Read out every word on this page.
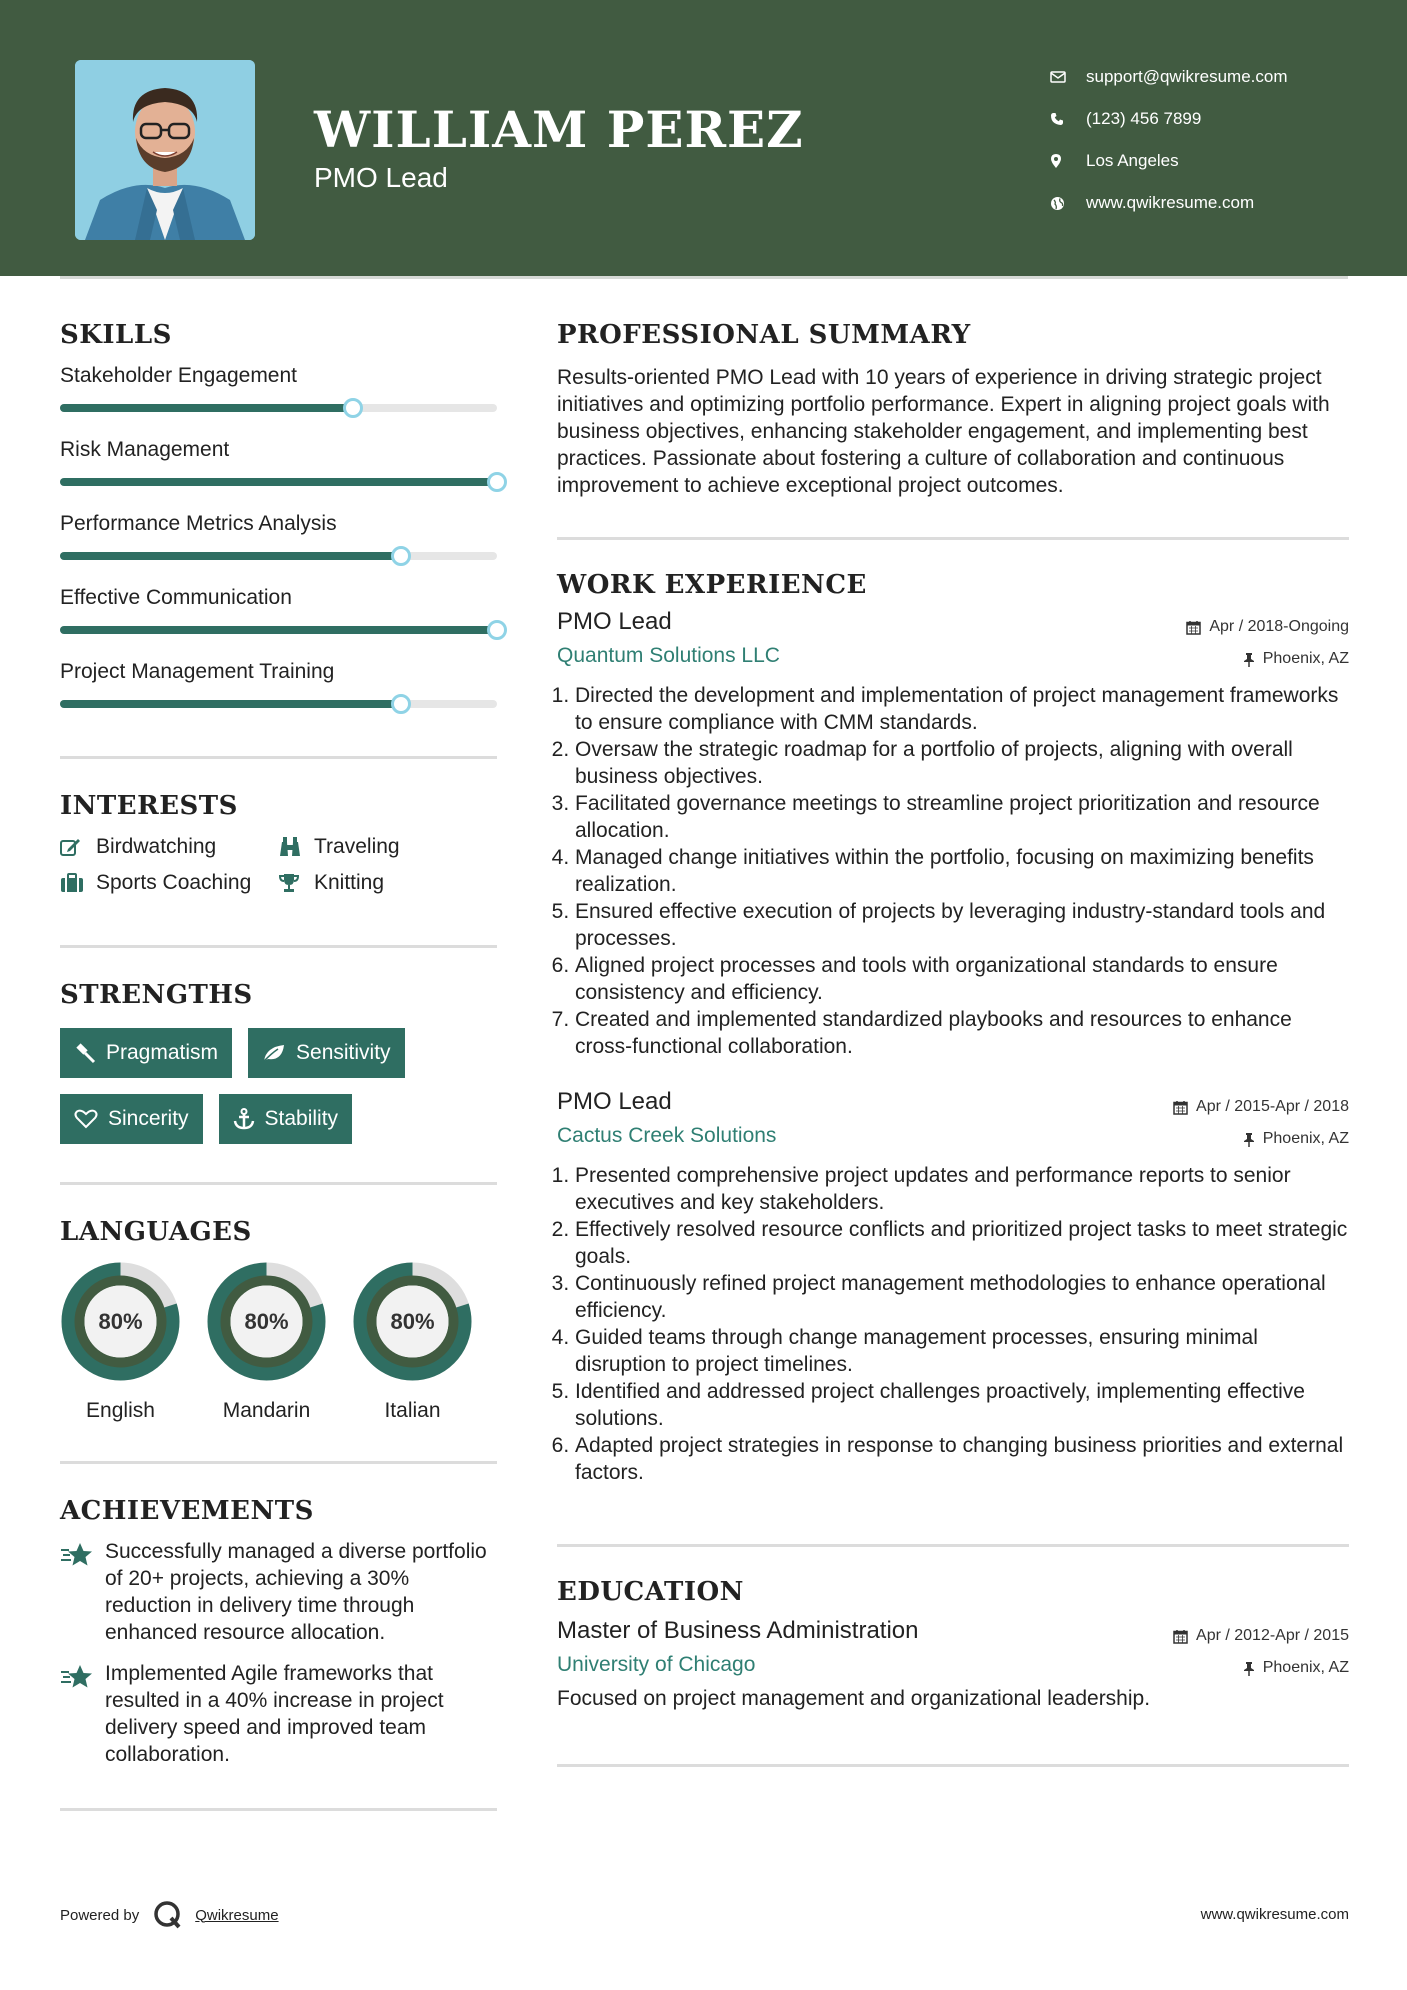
WILLIAM PEREZ
PMO Lead
support@qwikresume.com
(123) 456 7899
Los Angeles
www.qwikresume.com
SKILLS
Stakeholder Engagement
Risk Management
Performance Metrics Analysis
Effective Communication
Project Management Training
INTERESTS
Birdwatching	Traveling
Sports Coaching	Knitting
STRENGTHS
Pragmatism	Sensitivity
Sincerity	Stability
LANGUAGES
80%
English
80%
Mandarin
80%
Italian
ACHIEVEMENTS
Successfully managed a diverse portfolio of 20+ projects, achieving a 30% reduction in delivery time through enhanced resource allocation.
Implemented Agile frameworks that resulted in a 40% increase in project delivery speed and improved team collaboration.
PROFESSIONAL SUMMARY
Results-oriented PMO Lead with 10 years of experience in driving strategic project initiatives and optimizing portfolio performance. Expert in aligning project goals with business objectives, enhancing stakeholder engagement, and implementing best practices. Passionate about fostering a culture of collaboration and continuous improvement to achieve exceptional project outcomes.
WORK EXPERIENCE
PMO Lead	Apr / 2018-Ongoing
Quantum Solutions LLC	Phoenix, AZ
1. Directed the development and implementation of project management frameworks to ensure compliance with CMM standards.
2. Oversaw the strategic roadmap for a portfolio of projects, aligning with overall business objectives.
3. Facilitated governance meetings to streamline project prioritization and resource allocation.
4. Managed change initiatives within the portfolio, focusing on maximizing benefits realization.
5. Ensured effective execution of projects by leveraging industry-standard tools and processes.
6. Aligned project processes and tools with organizational standards to ensure consistency and efficiency.
7. Created and implemented standardized playbooks and resources to enhance cross-functional collaboration.
PMO Lead	Apr / 2015-Apr / 2018
Cactus Creek Solutions	Phoenix, AZ
1. Presented comprehensive project updates and performance reports to senior executives and key stakeholders.
2. Effectively resolved resource conflicts and prioritized project tasks to meet strategic goals.
3. Continuously refined project management methodologies to enhance operational efficiency.
4. Guided teams through change management processes, ensuring minimal disruption to project timelines.
5. Identified and addressed project challenges proactively, implementing effective solutions.
6. Adapted project strategies in response to changing business priorities and external factors.
EDUCATION
Master of Business Administration	Apr / 2012-Apr / 2015
University of Chicago	Phoenix, AZ
Focused on project management and organizational leadership.
Powered by	Qwikresume	www.qwikresume.com
